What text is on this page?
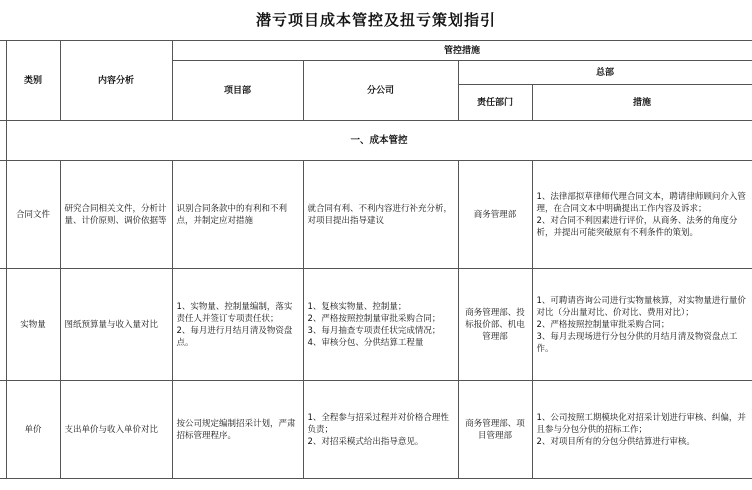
潜亏项目成本管控及扭亏策划指引
	类别	内容分析	管控措施			
			项目部	分公司	总部	
					责任部门	措施
	一、成本管控					
	合同文件	研究合同相关文件，分析计量、计价原则、调价依据等	识别合同条款中的有利和不利点，并制定应对措施	就合同有利、不利内容进行补充分析，对项目提出指导建议	商务管理部	1、法律部拟草律师代理合同文本，聘请律师顾问介入管理，在合同文本中明确提出工作内容及诉求；
2、对合同不利因素进行评价，从商务、法务的角度分析，并提出可能突破原有不利条件的策划。

	实物量	图纸预算量与收入量对比	1、实物量、控制量编制，落实责任人并签订专项责任状；
2、每月进行月结月清及物资盘点。	1、复核实物量、控制量；
2、严格按照控制量审批采购合同；
3、每月抽查专项责任状完成情况；
4、审核分包、分供结算工程量	商务管理部、投标报价部、机电管理部	1、可聘请咨询公司进行实物量核算，对实物量进行量价对比（分出量对比、价对比、费用对比）；
2、严格按照控制量审批采购合同；
3、每月去现场进行分包分供的月结月清及物资盘点工作。

	单价	支出单价与收入单价对比	按公司规定编制招采计划，严肃招标管理程序。	1、全程参与招采过程并对价格合理性负责；
2、对招采模式给出指导意见。	商务管理部、项目管理部	1、公司按照工期模块化对招采计划进行审核、纠偏，并且参与分包分供的招标工作；
2、对项目所有的分包分供结算进行审核。
